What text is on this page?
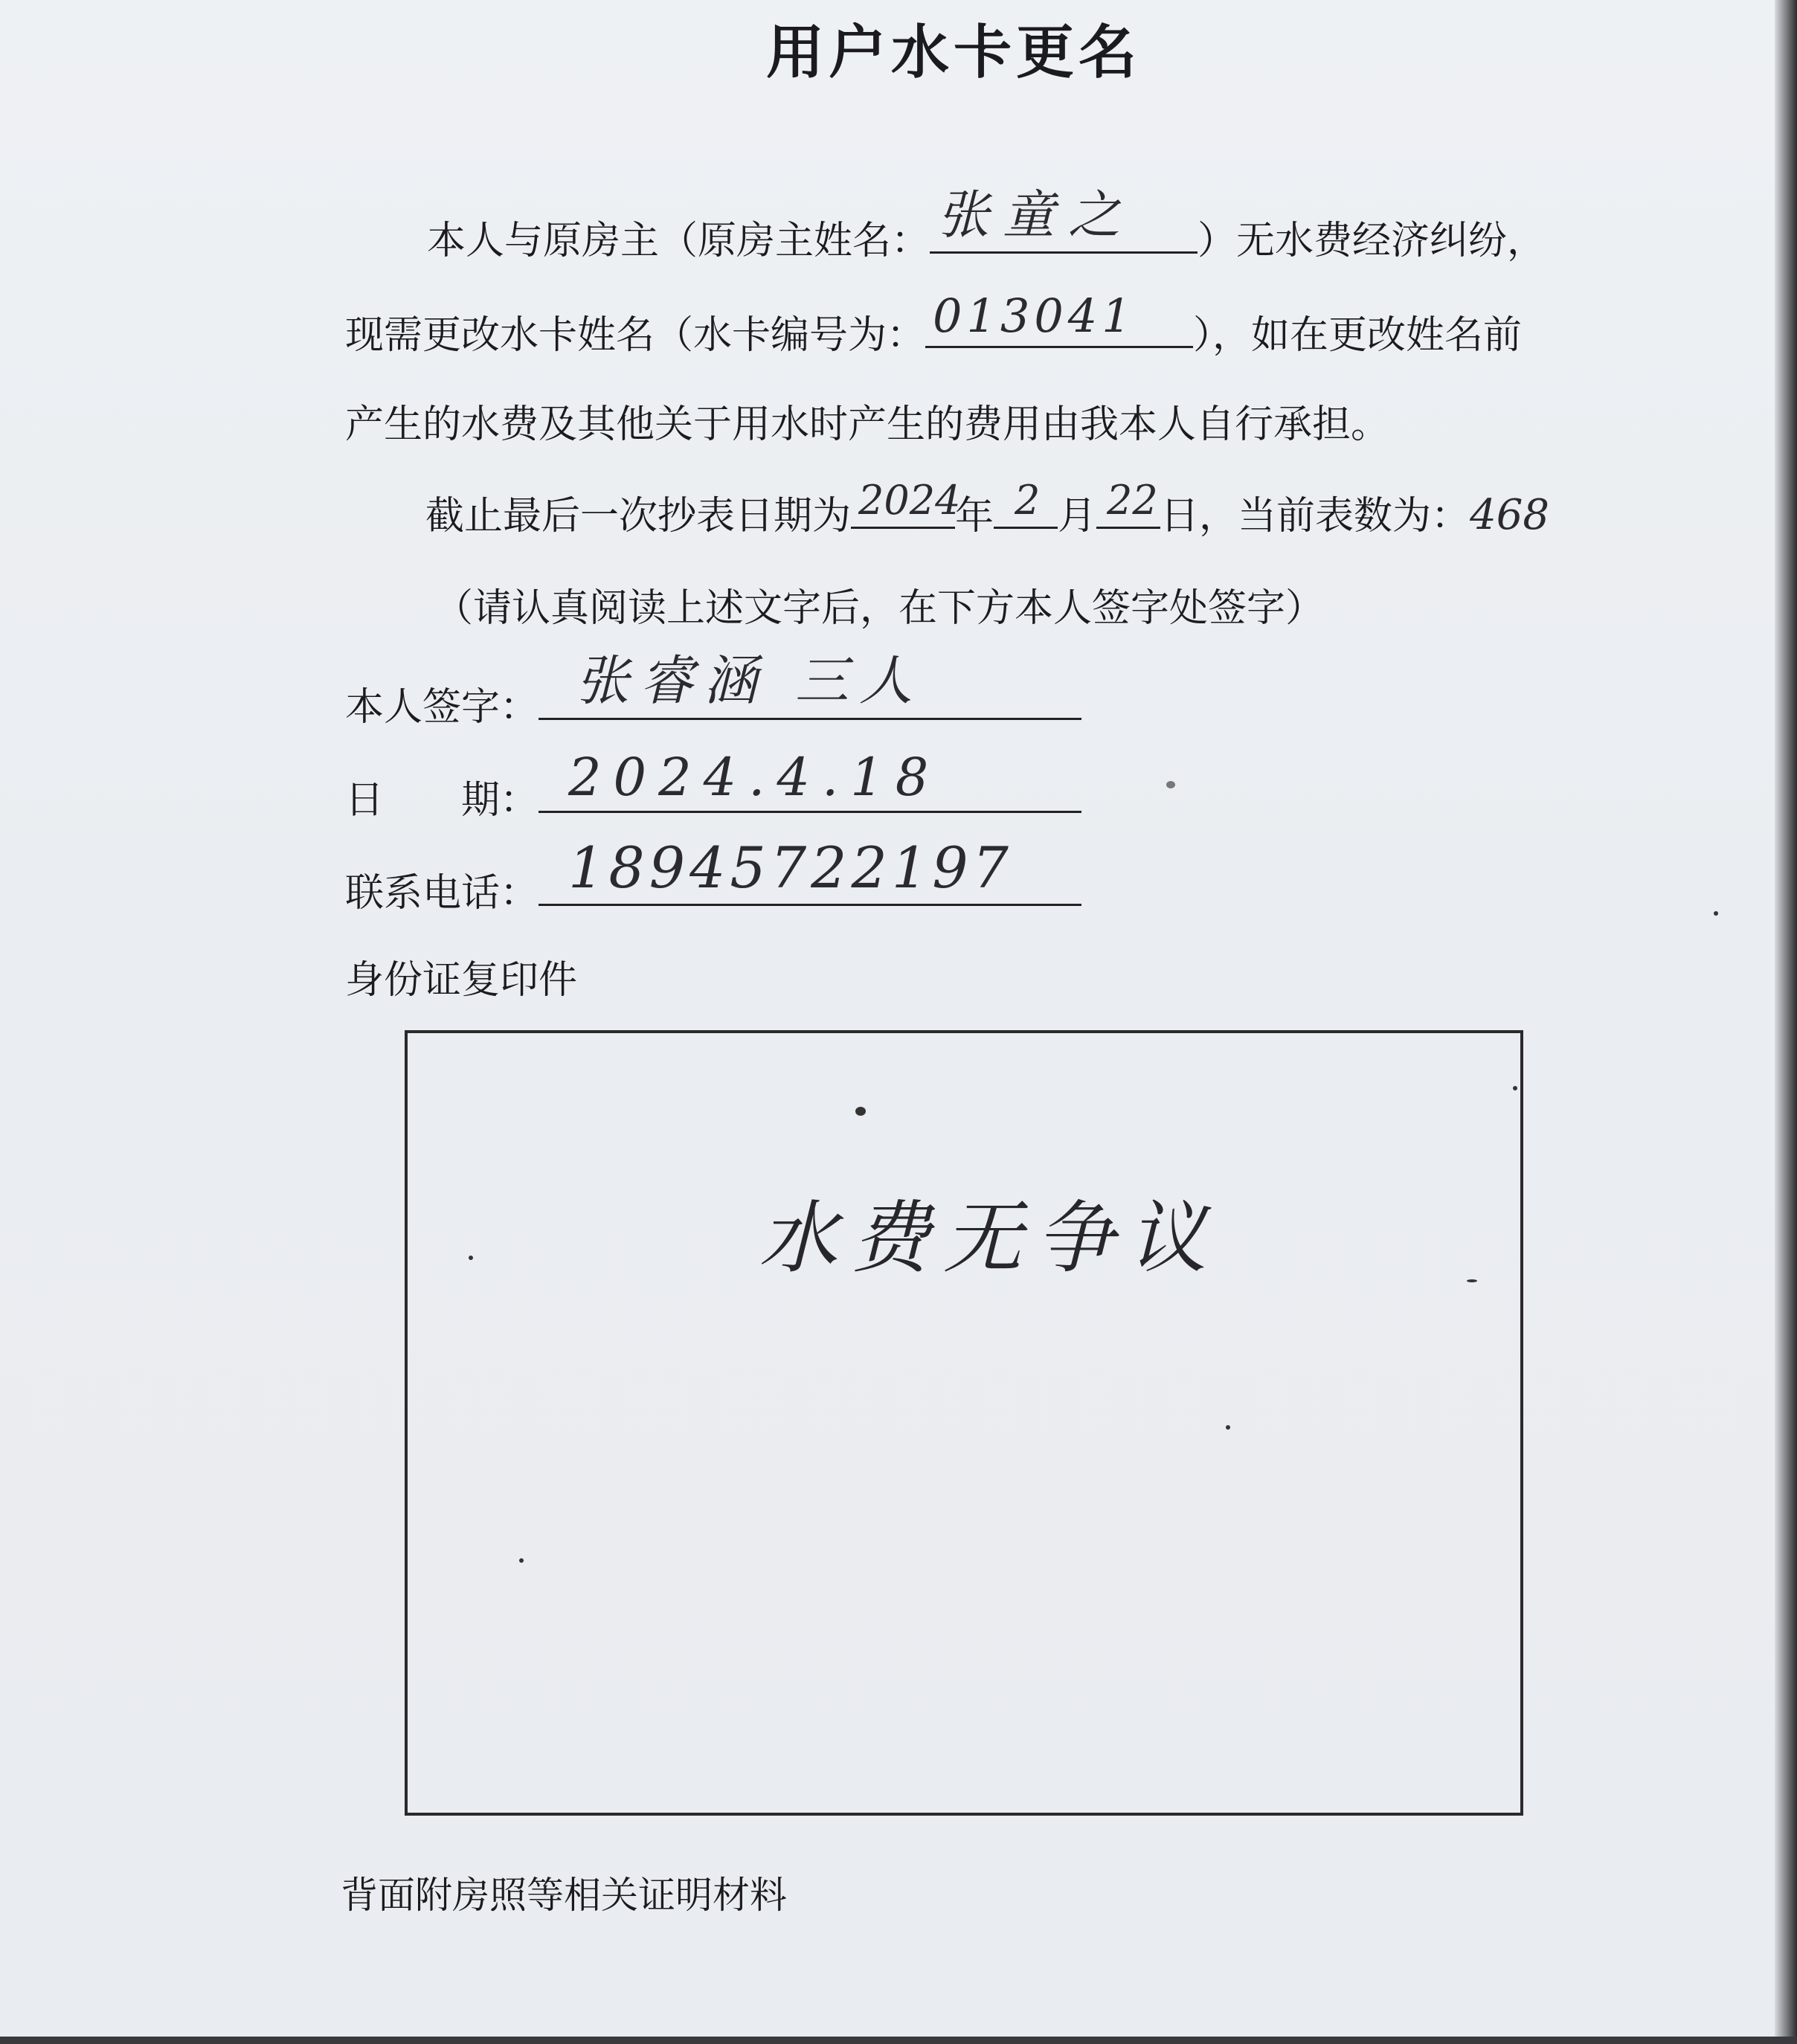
用户水卡更名
本人与原房主（原房主姓名： 张童之 ）无水费经济纠纷，
现需更改水卡姓名（水卡编号为： 013041 ），如在更改姓名前
产生的水费及其他关于用水时产生的费用由我本人自行承担。
截止最后一次抄表日期为 2024
年 2 月 22 日，当前表数为：468
（请认真阅读上述文字后，在下方本人签字处签字）
本人签字： 张睿涵 三人
日　　期： 2024.4.18
联系电话： 18945722197
身份证复印件
水费无争议
背面附房照等相关证明材料
